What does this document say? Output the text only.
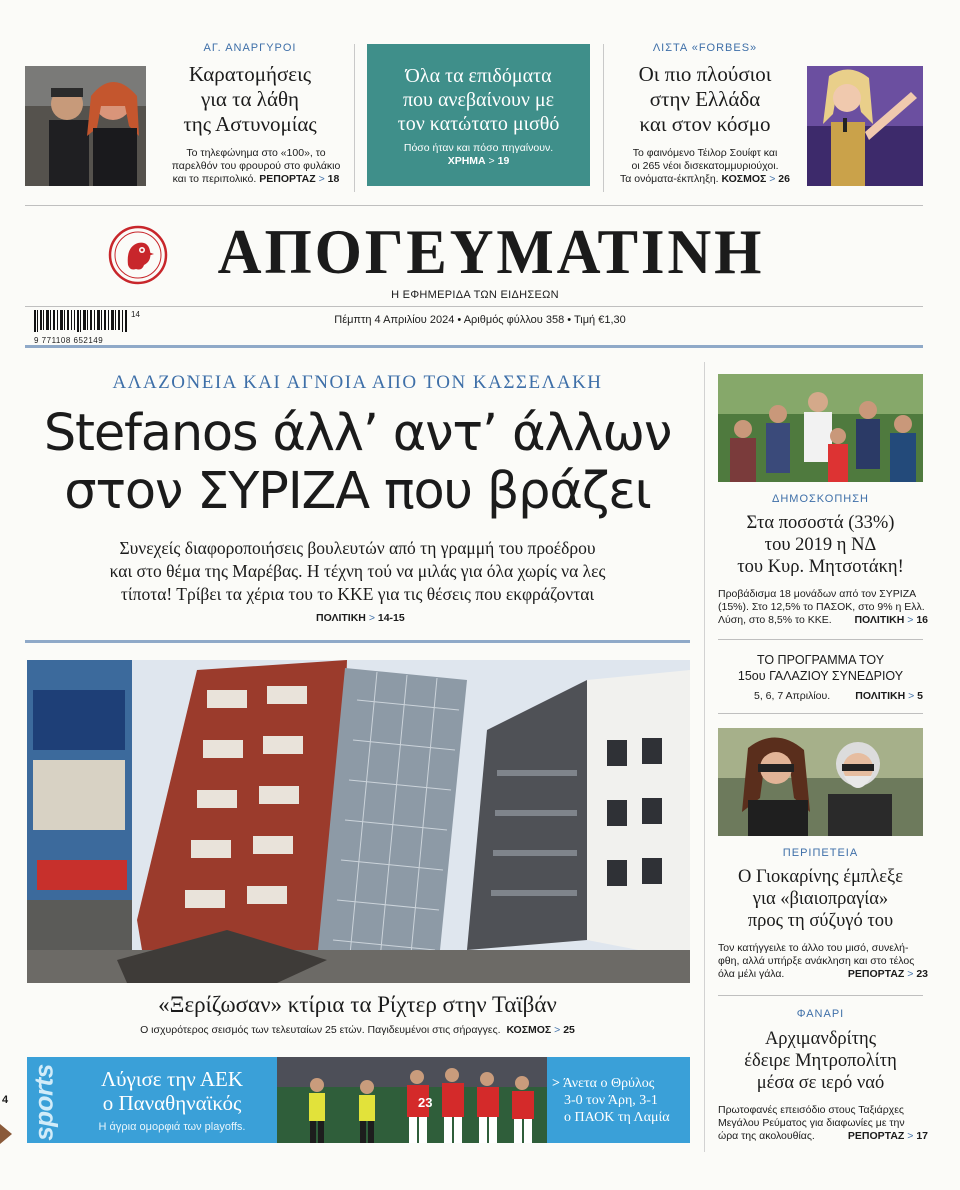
ΑΓ. ΑΝΑΡΓΥΡΟΙ
Καρατομήσεις
για τα λάθη
της Αστυνομίας
Το τηλεφώνημα στο «100», το
παρελθόν του φρουρού στο φυλάκιο
και το περιπολικό. ΡΕΠΟΡΤΑΖ > 18
Όλα τα επιδόματα
που ανεβαίνουν με
τον κατώτατο μισθό
Πόσο ήταν και πόσο πηγαίνουν.
ΧΡΗΜΑ > 19
ΛΙΣΤΑ «FORBES»
Οι πιο πλούσιοι
στην Ελλάδα
και στον κόσμο
Το φαινόμενο Τέιλορ Σουίφτ και
οι 265 νέοι δισεκατομμυριούχοι.
Τα ονόματα-έκπληξη. ΚΟΣΜΟΣ > 26
ΑΠΟΓΕΥΜΑΤΙΝΗ
Η ΕΦΗΜΕΡΙΔΑ ΤΩΝ ΕΙΔΗΣΕΩΝ
9 771108 652149
14	Πέμπτη 4 Απριλίου 2024 • Αριθμός φύλλου 358 • Τιμή €1,30
ΑΛΑΖΟΝΕΙΑ ΚΑΙ ΑΓΝΟΙΑ ΑΠΟ ΤΟΝ ΚΑΣΣΕΛΑΚΗ
Stefanos άλλ’ αντ’ άλλων
στον ΣΥΡΙΖΑ που βράζει
Συνεχείς διαφοροποιήσεις βουλευτών από τη γραμμή του προέδρου
και στο θέμα της Μαρέβας. Η τέχνη τού να μιλάς για όλα χωρίς να λες
τίποτα! Τρίβει τα χέρια του το ΚΚΕ για τις θέσεις που εκφράζονται
ΠΟΛΙΤΙΚΗ > 14-15
«Ξερίζωσαν» κτίρια τα Ρίχτερ στην Ταϊβάν
Ο ισχυρότερος σεισμός των τελευταίων 25 ετών. Παγιδευμένοι στις σήραγγες. ΚΟΣΜΟΣ > 25
4 sports	Λύγισε την ΑΕΚ
ο Παναθηναϊκός
Η άγρια ομορφιά των playoffs.
23
> Άνετα ο Θρύλος
3-0 τον Άρη, 3-1
ο ΠΑΟΚ τη Λαμία
ΔΗΜΟΣΚΟΠΗΣΗ
Στα ποσοστά (33%)
του 2019 η ΝΔ
του Κυρ. Μητσοτάκη!
Προβάδισμα 18 μονάδων από τον ΣΥΡΙΖΑ
(15%). Στο 12,5% το ΠΑΣΟΚ, στο 9% η Ελλ.
Λύση, στο 8,5% το ΚΚΕ. ΠΟΛΙΤΙΚΗ > 16
ΤΟ ΠΡΟΓΡΑΜΜΑ ΤΟΥ
15ου ΓΑΛΑΖΙΟΥ ΣΥΝΕΔΡΙΟΥ
5, 6, 7 Απριλίου. ΠΟΛΙΤΙΚΗ > 5
ΠΕΡΙΠΕΤΕΙΑ
Ο Γιοκαρίνης έμπλεξε
για «βιαιοπραγία»
προς τη σύζυγό του
Τον κατήγγειλε το άλλο του μισό, συνελή-
φθη, αλλά υπήρξε ανάκληση και στο τέλος
όλα μέλι γάλα.	ΡΕΠΟΡΤΑΖ > 23
ΦΑΝΑΡΙ
Αρχιμανδρίτης
έδειρε Μητροπολίτη
μέσα σε ιερό ναό
Πρωτοφανές επεισόδιο στους Ταξιάρχες
Μεγάλου Ρεύματος για διαφωνίες με την
ώρα της ακολουθίας.	ΡΕΠΟΡΤΑΖ > 17
